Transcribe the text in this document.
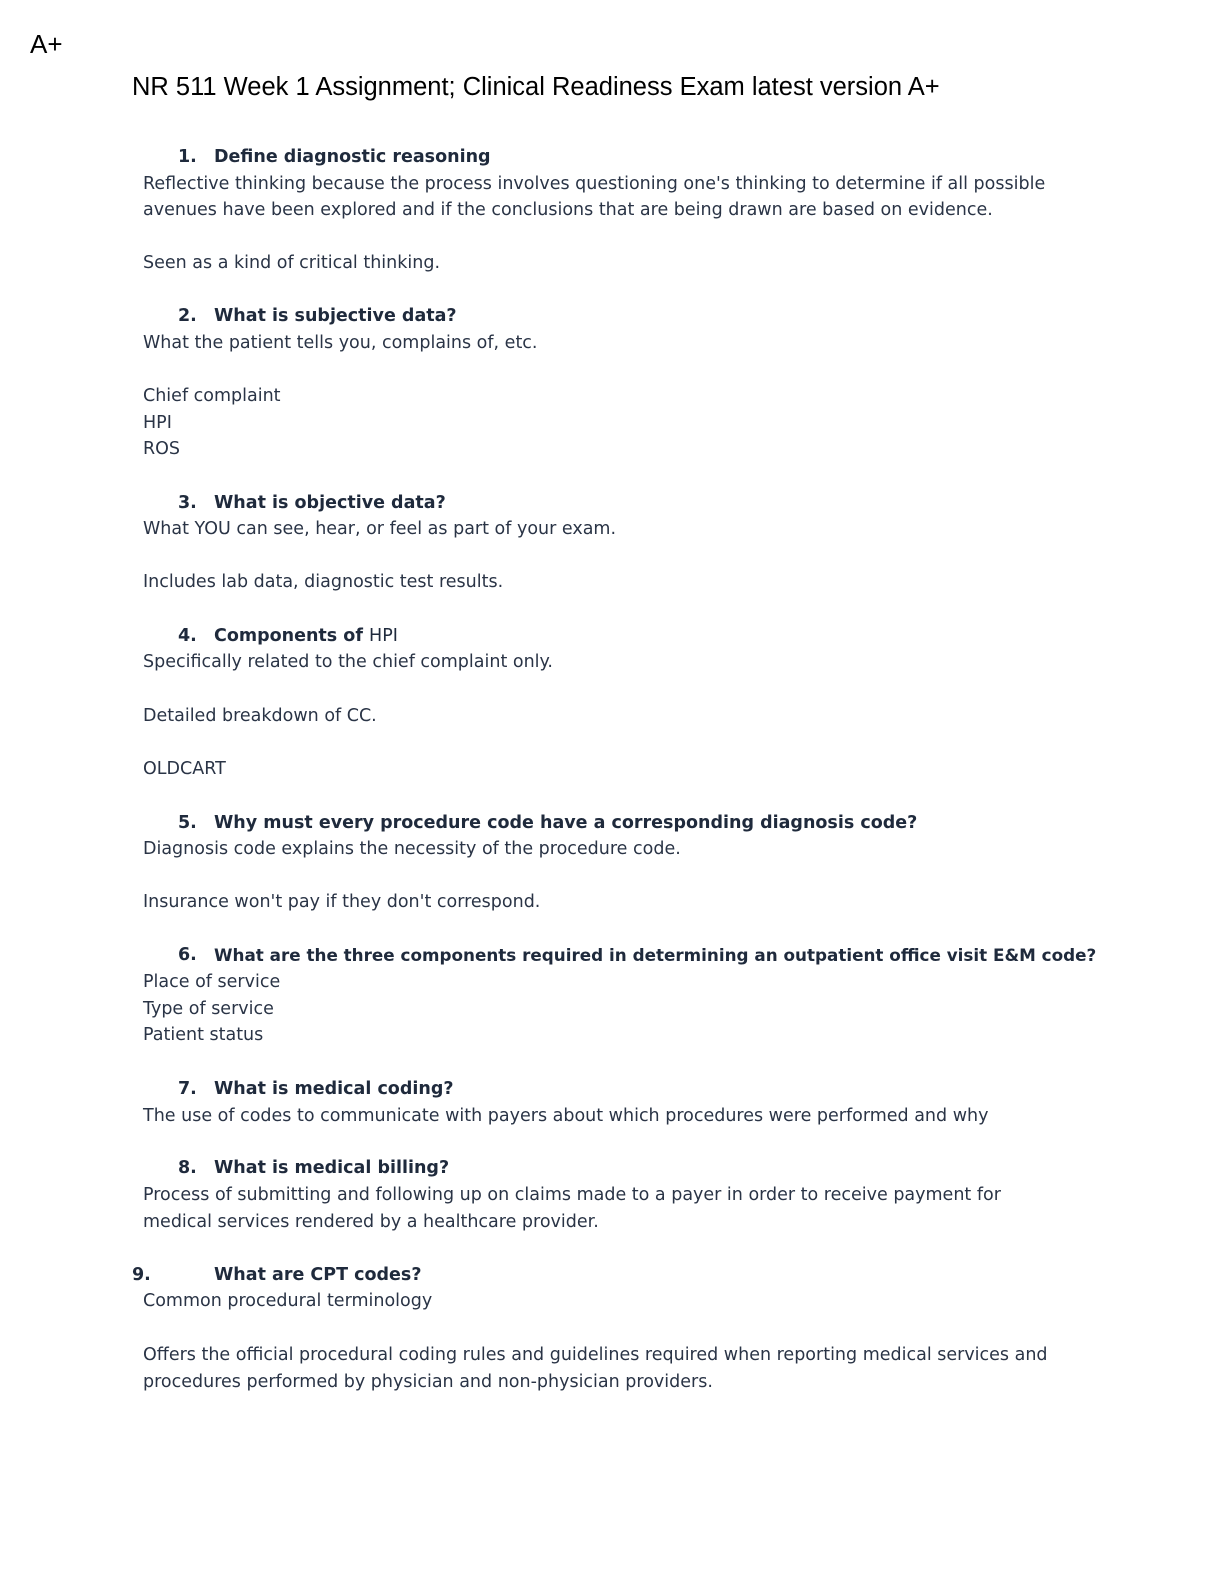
A+
NR 511 Week 1 Assignment; Clinical Readiness Exam latest version A+
1. Define diagnostic reasoning
Reflective thinking because the process involves questioning one's thinking to determine if all possible
avenues have been explored and if the conclusions that are being drawn are based on evidence.
Seen as a kind of critical thinking.
2. What is subjective data?
What the patient tells you, complains of, etc.
Chief complaint
HPI
ROS
3. What is objective data?
What YOU can see, hear, or feel as part of your exam.
Includes lab data, diagnostic test results.
4. Components of HPI
Specifically related to the chief complaint only.
Detailed breakdown of CC.
OLDCART
5. Why must every procedure code have a corresponding diagnosis code?
Diagnosis code explains the necessity of the procedure code.
Insurance won't pay if they don't correspond.
6. What are the three components required in determining an outpatient office visit E&M code?
Place of service
Type of service
Patient status
7. What is medical coding?
The use of codes to communicate with payers about which procedures were performed and why
8. What is medical billing?
Process of submitting and following up on claims made to a payer in order to receive payment for
medical services rendered by a healthcare provider.
9.	What are CPT codes?
Common procedural terminology
Offers the official procedural coding rules and guidelines required when reporting medical services and
procedures performed by physician and non-physician providers.
